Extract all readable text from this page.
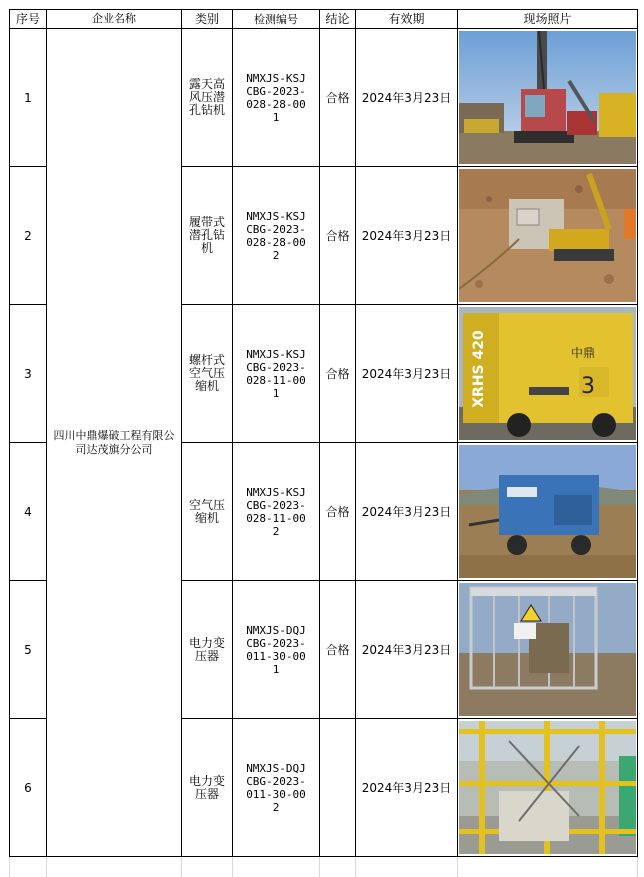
序号	企业名称	类别	检测编号	结论	有效期	现场照片
1	四川中鼎爆破工程有限公司达茂旗分公司	露天高风压潜孔钻机	NMXJS-KSJCBG-2023-028-28-001	合格	2024年3月23日	

2		履带式潜孔钻机	NMXJS-KSJCBG-2023-028-28-002	合格	2024年3月23日	

3		螺杆式空气压缩机	NMXJS-KSJCBG-2023-028-11-001	合格	2024年3月23日	XRHS 420 中鼎
3

4		空气压缩机	NMXJS-KSJCBG-2023-028-11-002	合格	2024年3月23日	

5		电力变压器	NMXJS-DQJCBG-2023-011-30-001	合格	2024年3月23日	

6		电力变压器	NMXJS-DQJCBG-2023-011-30-002		2024年3月23日	
